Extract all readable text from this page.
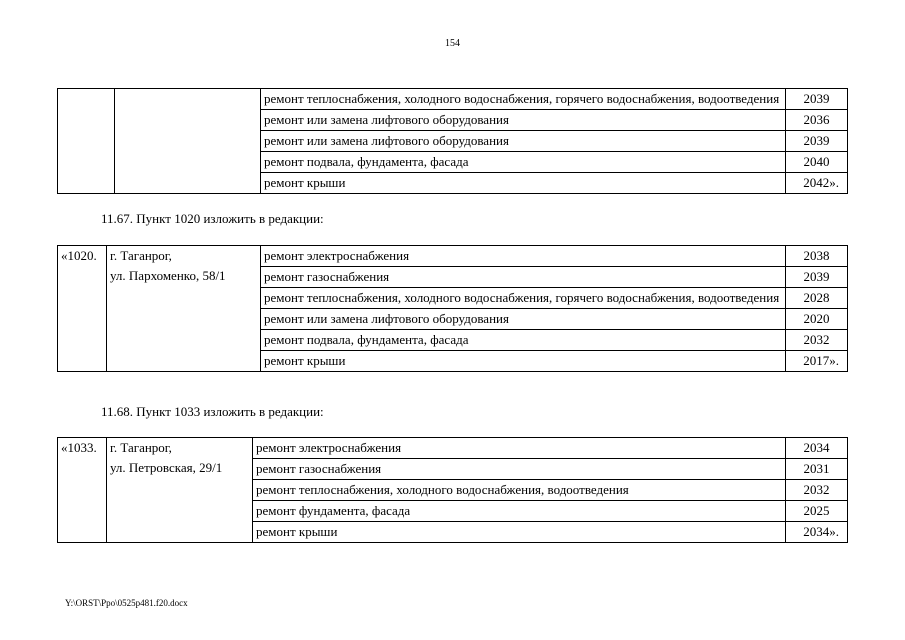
154
		ремонт теплоснабжения, холодного водоснабжения, горячего водоснабжения, водоотведения	2039
		ремонт или замена лифтового оборудования	2036
		ремонт или замена лифтового оборудования	2039
		ремонт подвала, фундамента, фасада	2040
		ремонт крыши	2042».
11.67. Пункт 1020 изложить в редакции:
«1020.	г. Таганрог,
ул. Пархоменко, 58/1	ремонт электроснабжения	2038
		ремонт газоснабжения	2039
		ремонт теплоснабжения, холодного водоснабжения, горячего водоснабжения, водоотведения	2028
		ремонт или замена лифтового оборудования	2020
		ремонт подвала, фундамента, фасада	2032
		ремонт крыши	2017».
11.68. Пункт 1033 изложить в редакции:
«1033.	г. Таганрог,
ул. Петровская, 29/1	ремонт электроснабжения	2034
		ремонт газоснабжения	2031
		ремонт теплоснабжения, холодного водоснабжения, водоотведения	2032
		ремонт фундамента, фасада	2025
		ремонт крыши	2034».
Y:\ORST\Ppo\0525p481.f20.docx
